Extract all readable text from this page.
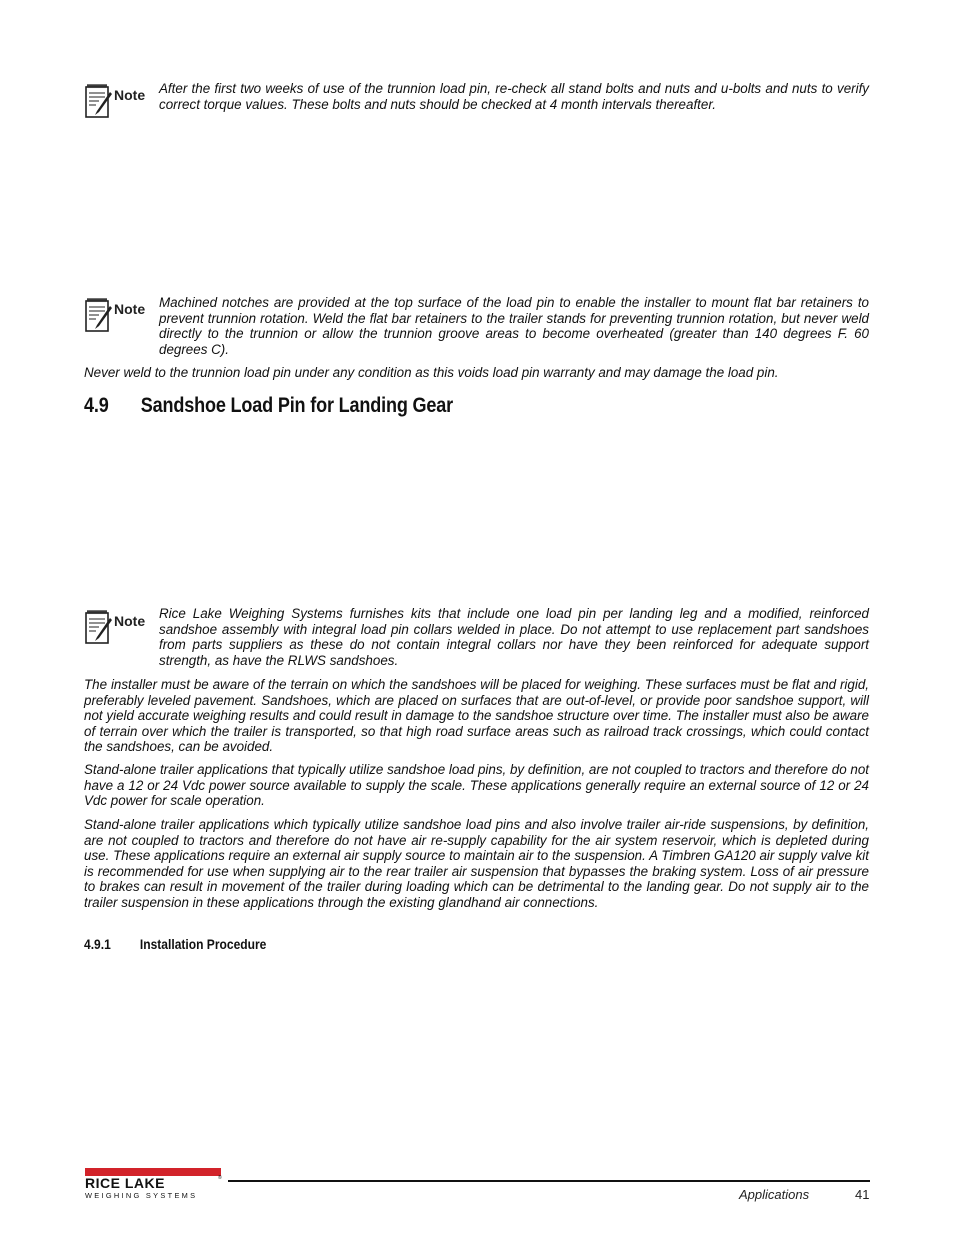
Note After the first two weeks of use of the trunnion load pin, re-check all stand bolts and nuts and u-bolts and nuts to verify correct torque values. These bolts and nuts should be checked at 4 month intervals thereafter.

Note Machined notches are provided at the top surface of the load pin to enable the installer to mount flat bar retainers to prevent trunnion rotation. Weld the flat bar retainers to the trailer stands for preventing trunnion rotation, but never weld directly to the trunnion or allow the trunnion groove areas to become overheated (greater than 140 degrees F. 60 degrees C).

Never weld to the trunnion load pin under any condition as this voids load pin warranty and may damage the load pin.

4.9 Sandshoe Load Pin for Landing Gear
Note Rice Lake Weighing Systems furnishes kits that include one load pin per landing leg and a modified, reinforced sandshoe assembly with integral load pin collars welded in place. Do not attempt to use replacement part sandshoes from parts suppliers as these do not contain integral collars nor have they been reinforced for adequate support strength, as have the RLWS sandshoes.

The installer must be aware of the terrain on which the sandshoes will be placed for weighing. These surfaces must be flat and rigid, preferably leveled pavement. Sandshoes, which are placed on surfaces that are out-of-level, or provide poor sandshoe support, will not yield accurate weighing results and could result in damage to the sandshoe structure over time. The installer must also be aware of terrain over which the trailer is transported, so that high road surface areas such as railroad track crossings, which could contact the sandshoes, can be avoided.

Stand-alone trailer applications that typically utilize sandshoe load pins, by definition, are not coupled to tractors and therefore do not have a 12 or 24 Vdc power source available to supply the scale. These applications generally require an external source of 12 or 24 Vdc power for scale operation.

Stand-alone trailer applications which typically utilize sandshoe load pins and also involve trailer air-ride suspensions, by definition, are not coupled to tractors and therefore do not have air re-supply capability for the air system reservoir, which is depleted during use. These applications require an external air supply source to maintain air to the suspension. A Timbren GA120 air supply valve kit is recommended for use when supplying air to the rear trailer air suspension that bypasses the braking system. Loss of air pressure to brakes can result in movement of the trailer during loading which can be detrimental to the landing gear. Do not supply air to the trailer suspension in these applications through the existing glandhand air connections.

4.9.1 Installation Procedure
RICE LAKE	®
WEIGHING SYSTEMS	Applications	41
